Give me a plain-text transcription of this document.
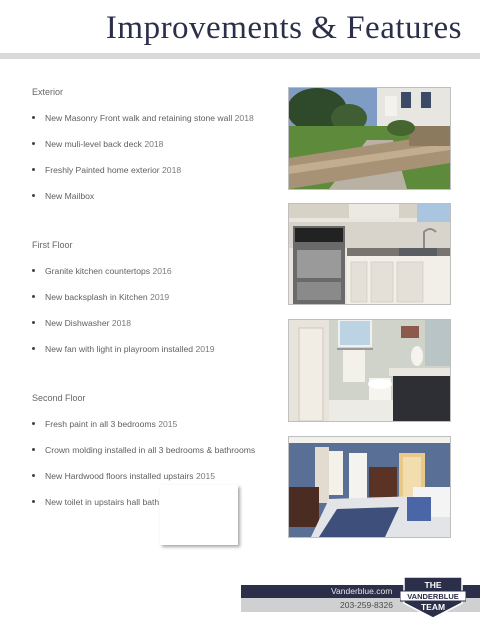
Improvements & Features
Exterior
New Masonry Front walk and retaining stone wall 2018
New muli-level back deck 2018
Freshly Painted home exterior 2018
New Mailbox
First Floor
Granite kitchen countertops 2016
New backsplash in Kitchen 2019
New Dishwasher 2018
New fan with light in playroom installed 2019
Second Floor
Fresh paint in all 3 bedrooms 2015
Crown molding installed in all 3 bedrooms & bathrooms
New Hardwood floors installed upstairs 2015
New toilet in upstairs hall bath
Vanderblue.com
203-259-8326
THE
VANDERBLUE
TEAM
